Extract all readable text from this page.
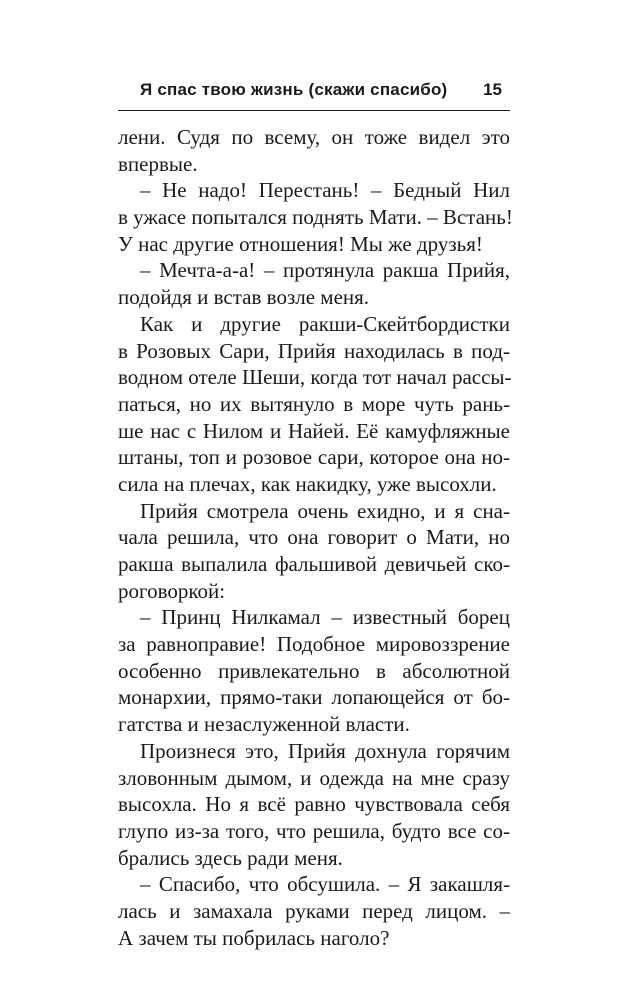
Я спас твою жизнь (скажи спасибо) 15
лени. Судя по всему, он тоже видел это
впервые.
– Не надо! Перестань! – Бедный Нил
в ужасе попытался поднять Мати. – Встань!
У нас другие отношения! Мы же друзья!
– Мечта-а-а! – протянула ракша Прийя,
подойдя и встав возле меня.
Как и другие ракши-Скейтбордистки
в Розовых Сари, Прийя находилась в под-
водном отеле Шеши, когда тот начал рассы-
паться, но их вытянуло в море чуть рань-
ше нас с Нилом и Найей. Её камуфляжные
штаны, топ и розовое сари, которое она но-
сила на плечах, как накидку, уже высохли.
Прийя смотрела очень ехидно, и я сна-
чала решила, что она говорит о Мати, но
ракша выпалила фальшивой девичьей ско-
роговоркой:
– Принц Нилкамал – известный борец
за равноправие! Подобное мировоззрение
особенно привлекательно в абсолютной
монархии, прямо-таки лопающейся от бо-
гатства и незаслуженной власти.
Произнеся это, Прийя дохнула горячим
зловонным дымом, и одежда на мне сразу
высохла. Но я всё равно чувствовала себя
глупо из-за того, что решила, будто все со-
брались здесь ради меня.
– Спасибо, что обсушила. – Я закашля-
лась и замахала руками перед лицом. –
А зачем ты побрилась наголо?
